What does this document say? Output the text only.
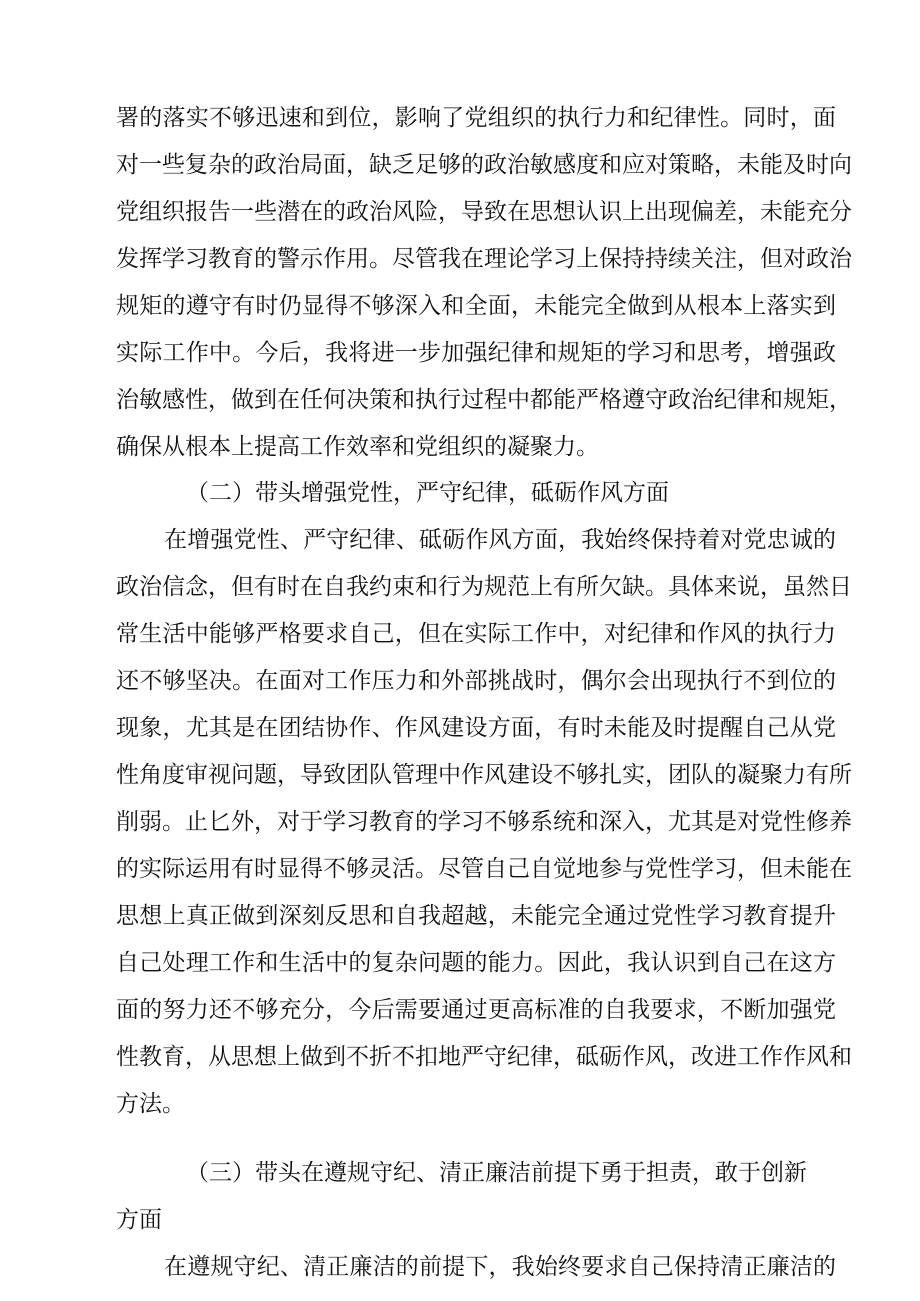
署的落实不够迅速和到位，影响了党组织的执行力和纪律性。同时，面
对一些复杂的政治局面，缺乏足够的政治敏感度和应对策略，未能及时向
党组织报告一些潜在的政治风险，导致在思想认识上出现偏差，未能充分
发挥学习教育的警示作用。尽管我在理论学习上保持持续关注，但对政治
规矩的遵守有时仍显得不够深入和全面，未能完全做到从根本上落实到
实际工作中。今后，我将进一步加强纪律和规矩的学习和思考，增强政
治敏感性，做到在任何决策和执行过程中都能严格遵守政治纪律和规矩，
确保从根本上提高工作效率和党组织的凝聚力。
（二）带头增强党性，严守纪律，砥砺作风方面
在增强党性、严守纪律、砥砺作风方面，我始终保持着对党忠诚的
政治信念，但有时在自我约束和行为规范上有所欠缺。具体来说，虽然日
常生活中能够严格要求自己，但在实际工作中，对纪律和作风的执行力
还不够坚决。在面对工作压力和外部挑战时，偶尔会出现执行不到位的
现象，尤其是在团结协作、作风建设方面，有时未能及时提醒自己从党
性角度审视问题，导致团队管理中作风建设不够扎实，团队的凝聚力有所
削弱。止匕外，对于学习教育的学习不够系统和深入，尤其是对党性修养
的实际运用有时显得不够灵活。尽管自己自觉地参与党性学习，但未能在
思想上真正做到深刻反思和自我超越，未能完全通过党性学习教育提升
自己处理工作和生活中的复杂问题的能力。因此，我认识到自己在这方
面的努力还不够充分，今后需要通过更高标准的自我要求，不断加强党
性教育，从思想上做到不折不扣地严守纪律，砥砺作风，改进工作作风和
方法。
（三）带头在遵规守纪、清正廉洁前提下勇于担责，敢于创新
方面
在遵规守纪、清正廉洁的前提下，我始终要求自己保持清正廉洁的
